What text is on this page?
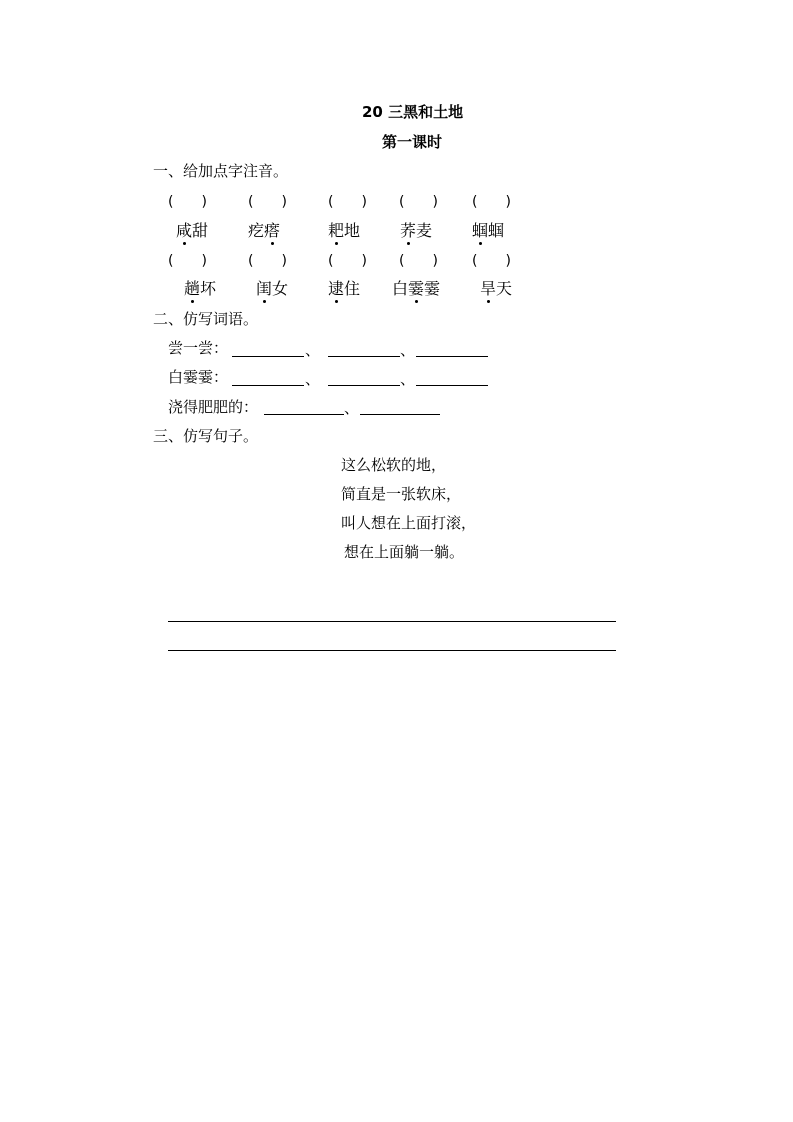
20 三黑和土地
第一课时
一、给加点字注音。
(　　)	(　　)	(　　) (　　) (　　)
咸甜 疙瘩	耙地 荞麦 蝈蝈
(　　)	(　　)	(　　) (　　) (　　)
趟坏 闺女 逮住 白霎霎 旱天
二、仿写词语。
尝一尝：	、	、
白霎霎：	、	、
浇得肥肥的：	、
三、仿写句子。
这么松软的地，
简直是一张软床，
叫人想在上面打滚，
想在上面躺一躺。
